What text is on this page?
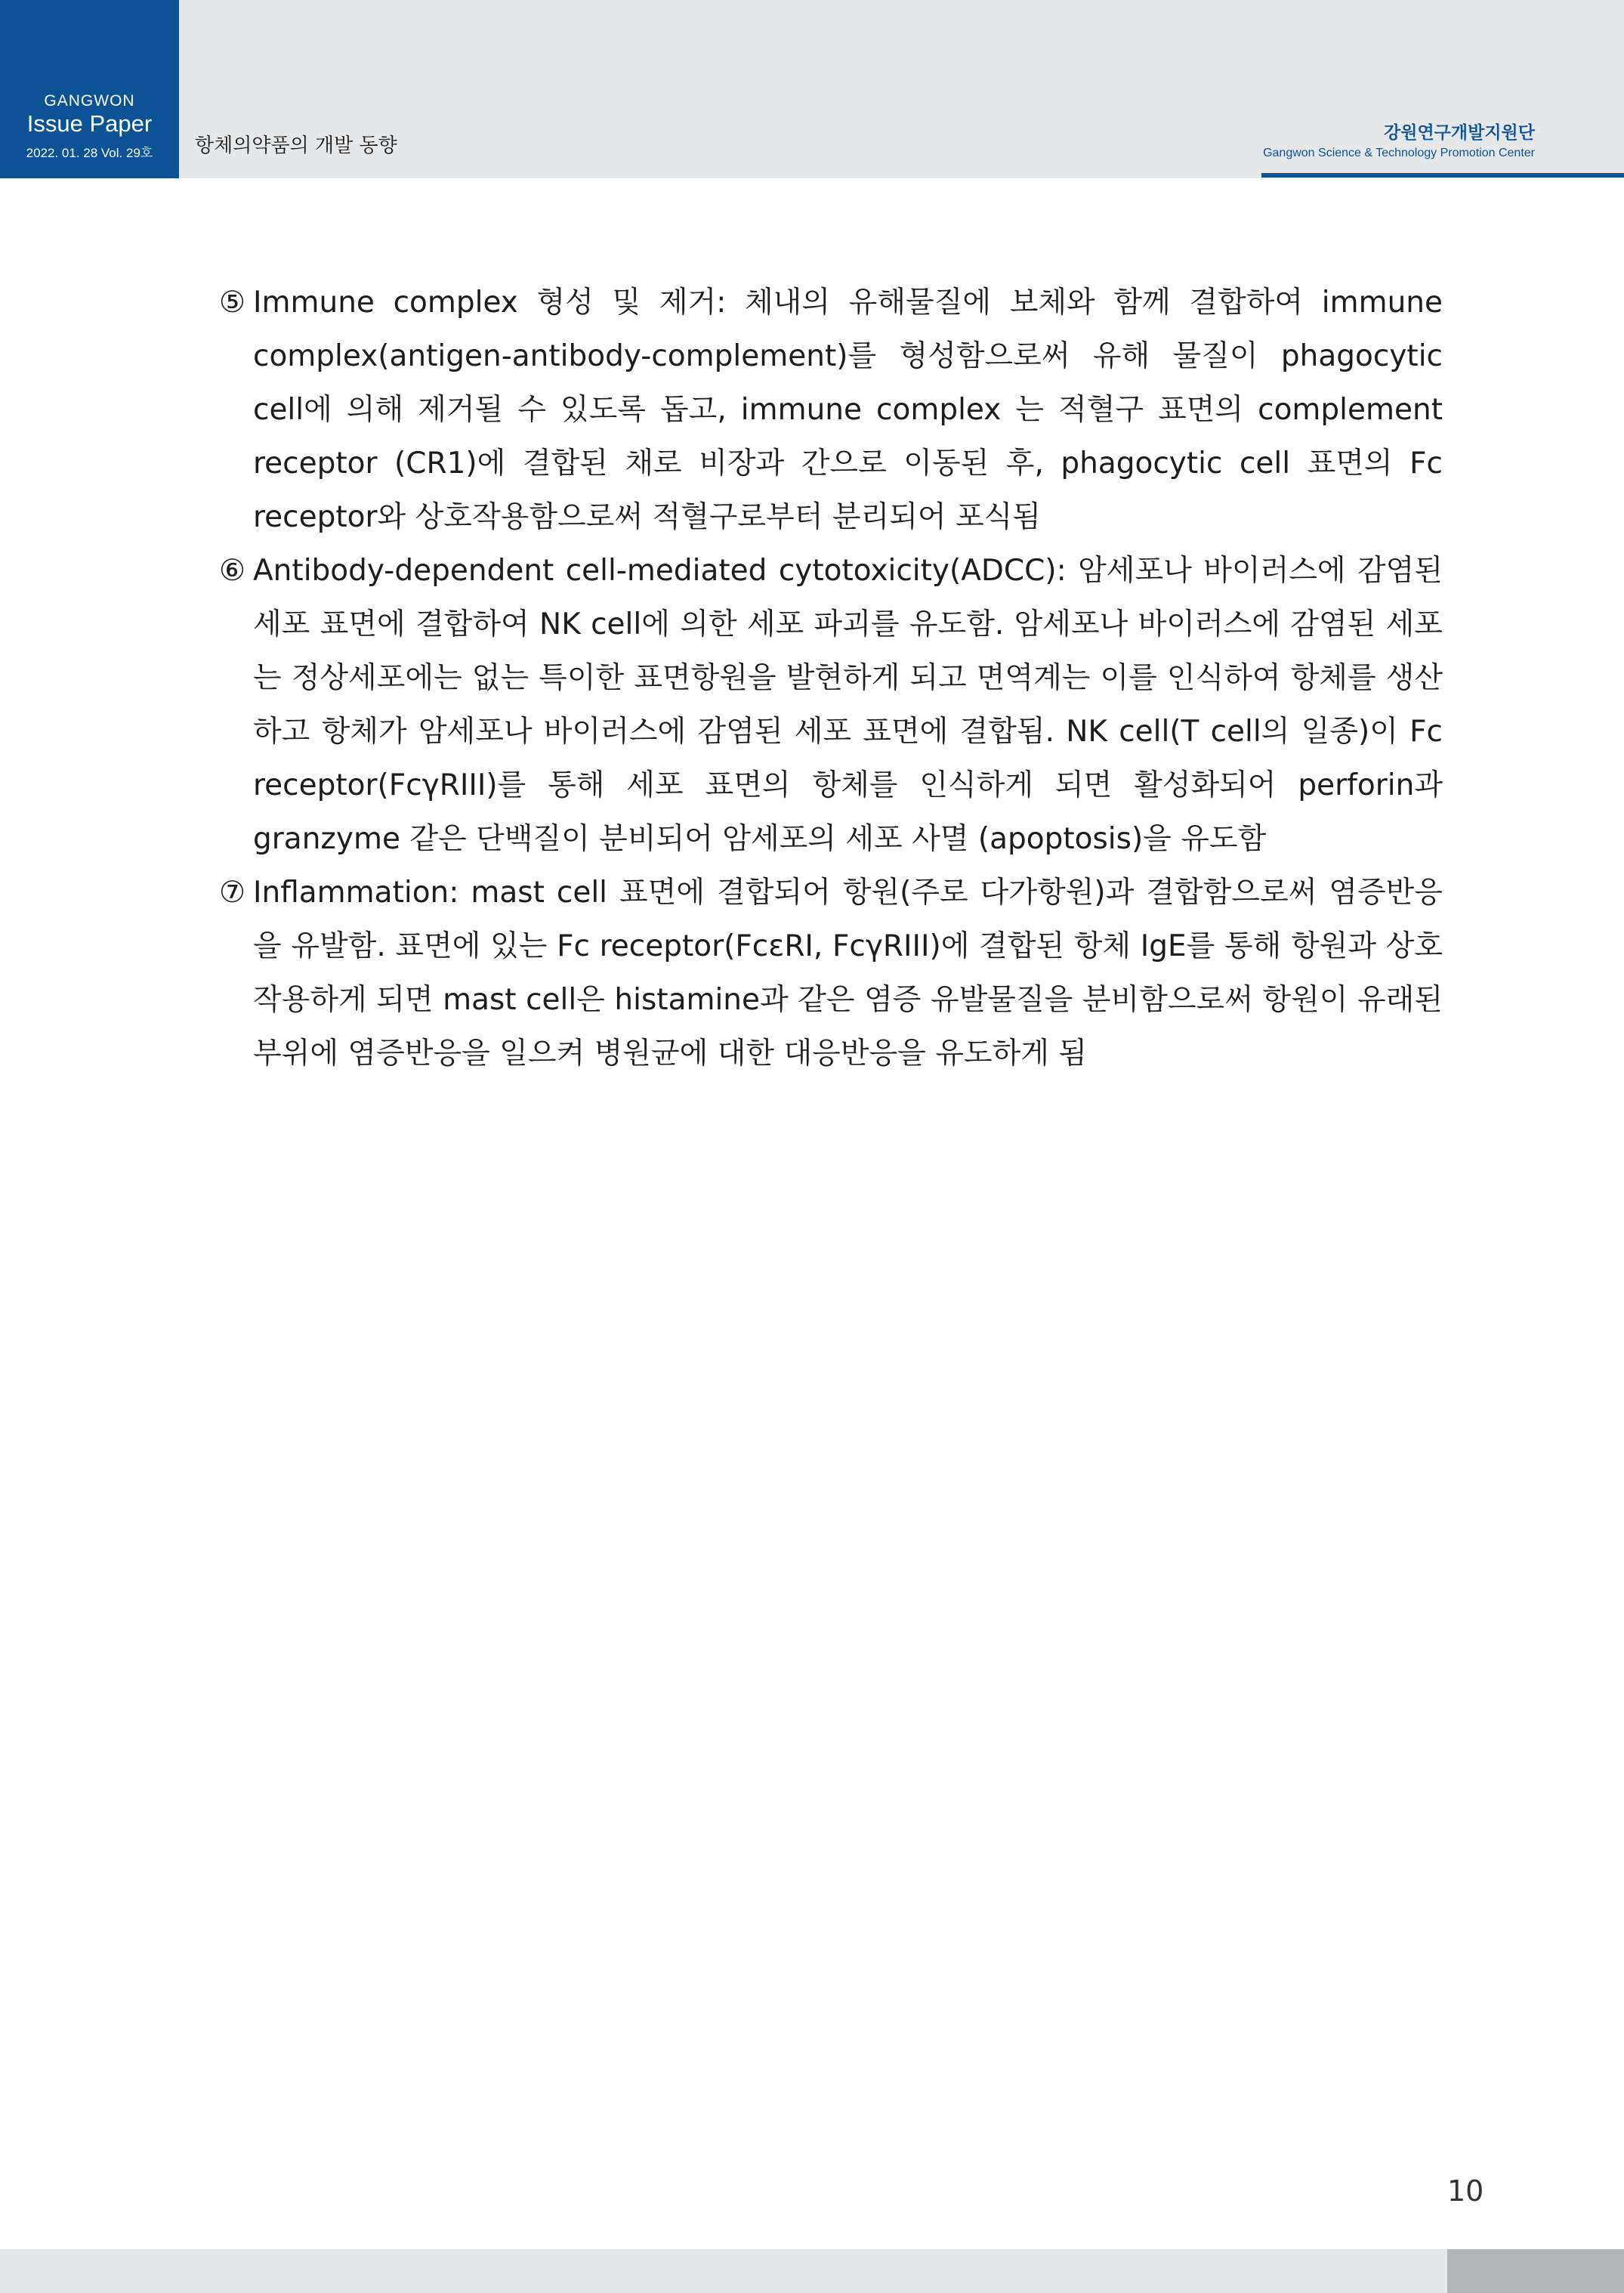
GANGWON
Issue Paper
2022. 01. 28 Vol. 29호	항체의약품의 개발 동향
강원연구개발지원단
Gangwon Science & Technology Promotion Center
⑤ Immune complex 형성 및 제거: 체내의 유해물질에 보체와 함께 결합하여 immune complex(antigen-antibody-complement)를 형성함으로써 유해 물질이 phagocytic cell에 의해 제거될 수 있도록 돕고, immune complex 는 적혈구 표면의 complement receptor (CR1)에 결합된 채로 비장과 간으로 이동된 후, phagocytic cell 표면의 Fc receptor와 상호작용함으로써 적혈구로부터 분리되어 포식됨
⑥ Antibody-dependent cell-mediated cytotoxicity(ADCC): 암세포나 바이러스에 감염된 세포 표면에 결합하여 NK cell에 의한 세포 파괴를 유도함. 암세포나 바이러스에 감염된 세포는 정상세포에는 없는 특이한 표면항원을 발현하게 되고 면역계는 이를 인식하여 항체를 생산하고 항체가 암세포나 바이러스에 감염된 세포 표면에 결합됨. NK cell(T cell의 일종)이 Fc receptor(FcγRIII)를 통해 세포 표면의 항체를 인식하게 되면 활성화되어 perforin과 granzyme 같은 단백질이 분비되어 암세포의 세포 사멸 (apoptosis)을 유도함
⑦ Inflammation: mast cell 표면에 결합되어 항원(주로 다가항원)과 결합함으로써 염증반응을 유발함. 표면에 있는 Fc receptor(FcεRI, FcγRIII)에 결합된 항체 IgE를 통해 항원과 상호작용하게 되면 mast cell은 histamine과 같은 염증 유발물질을 분비함으로써 항원이 유래된 부위에 염증반응을 일으켜 병원균에 대한 대응반응을 유도하게 됨
10
